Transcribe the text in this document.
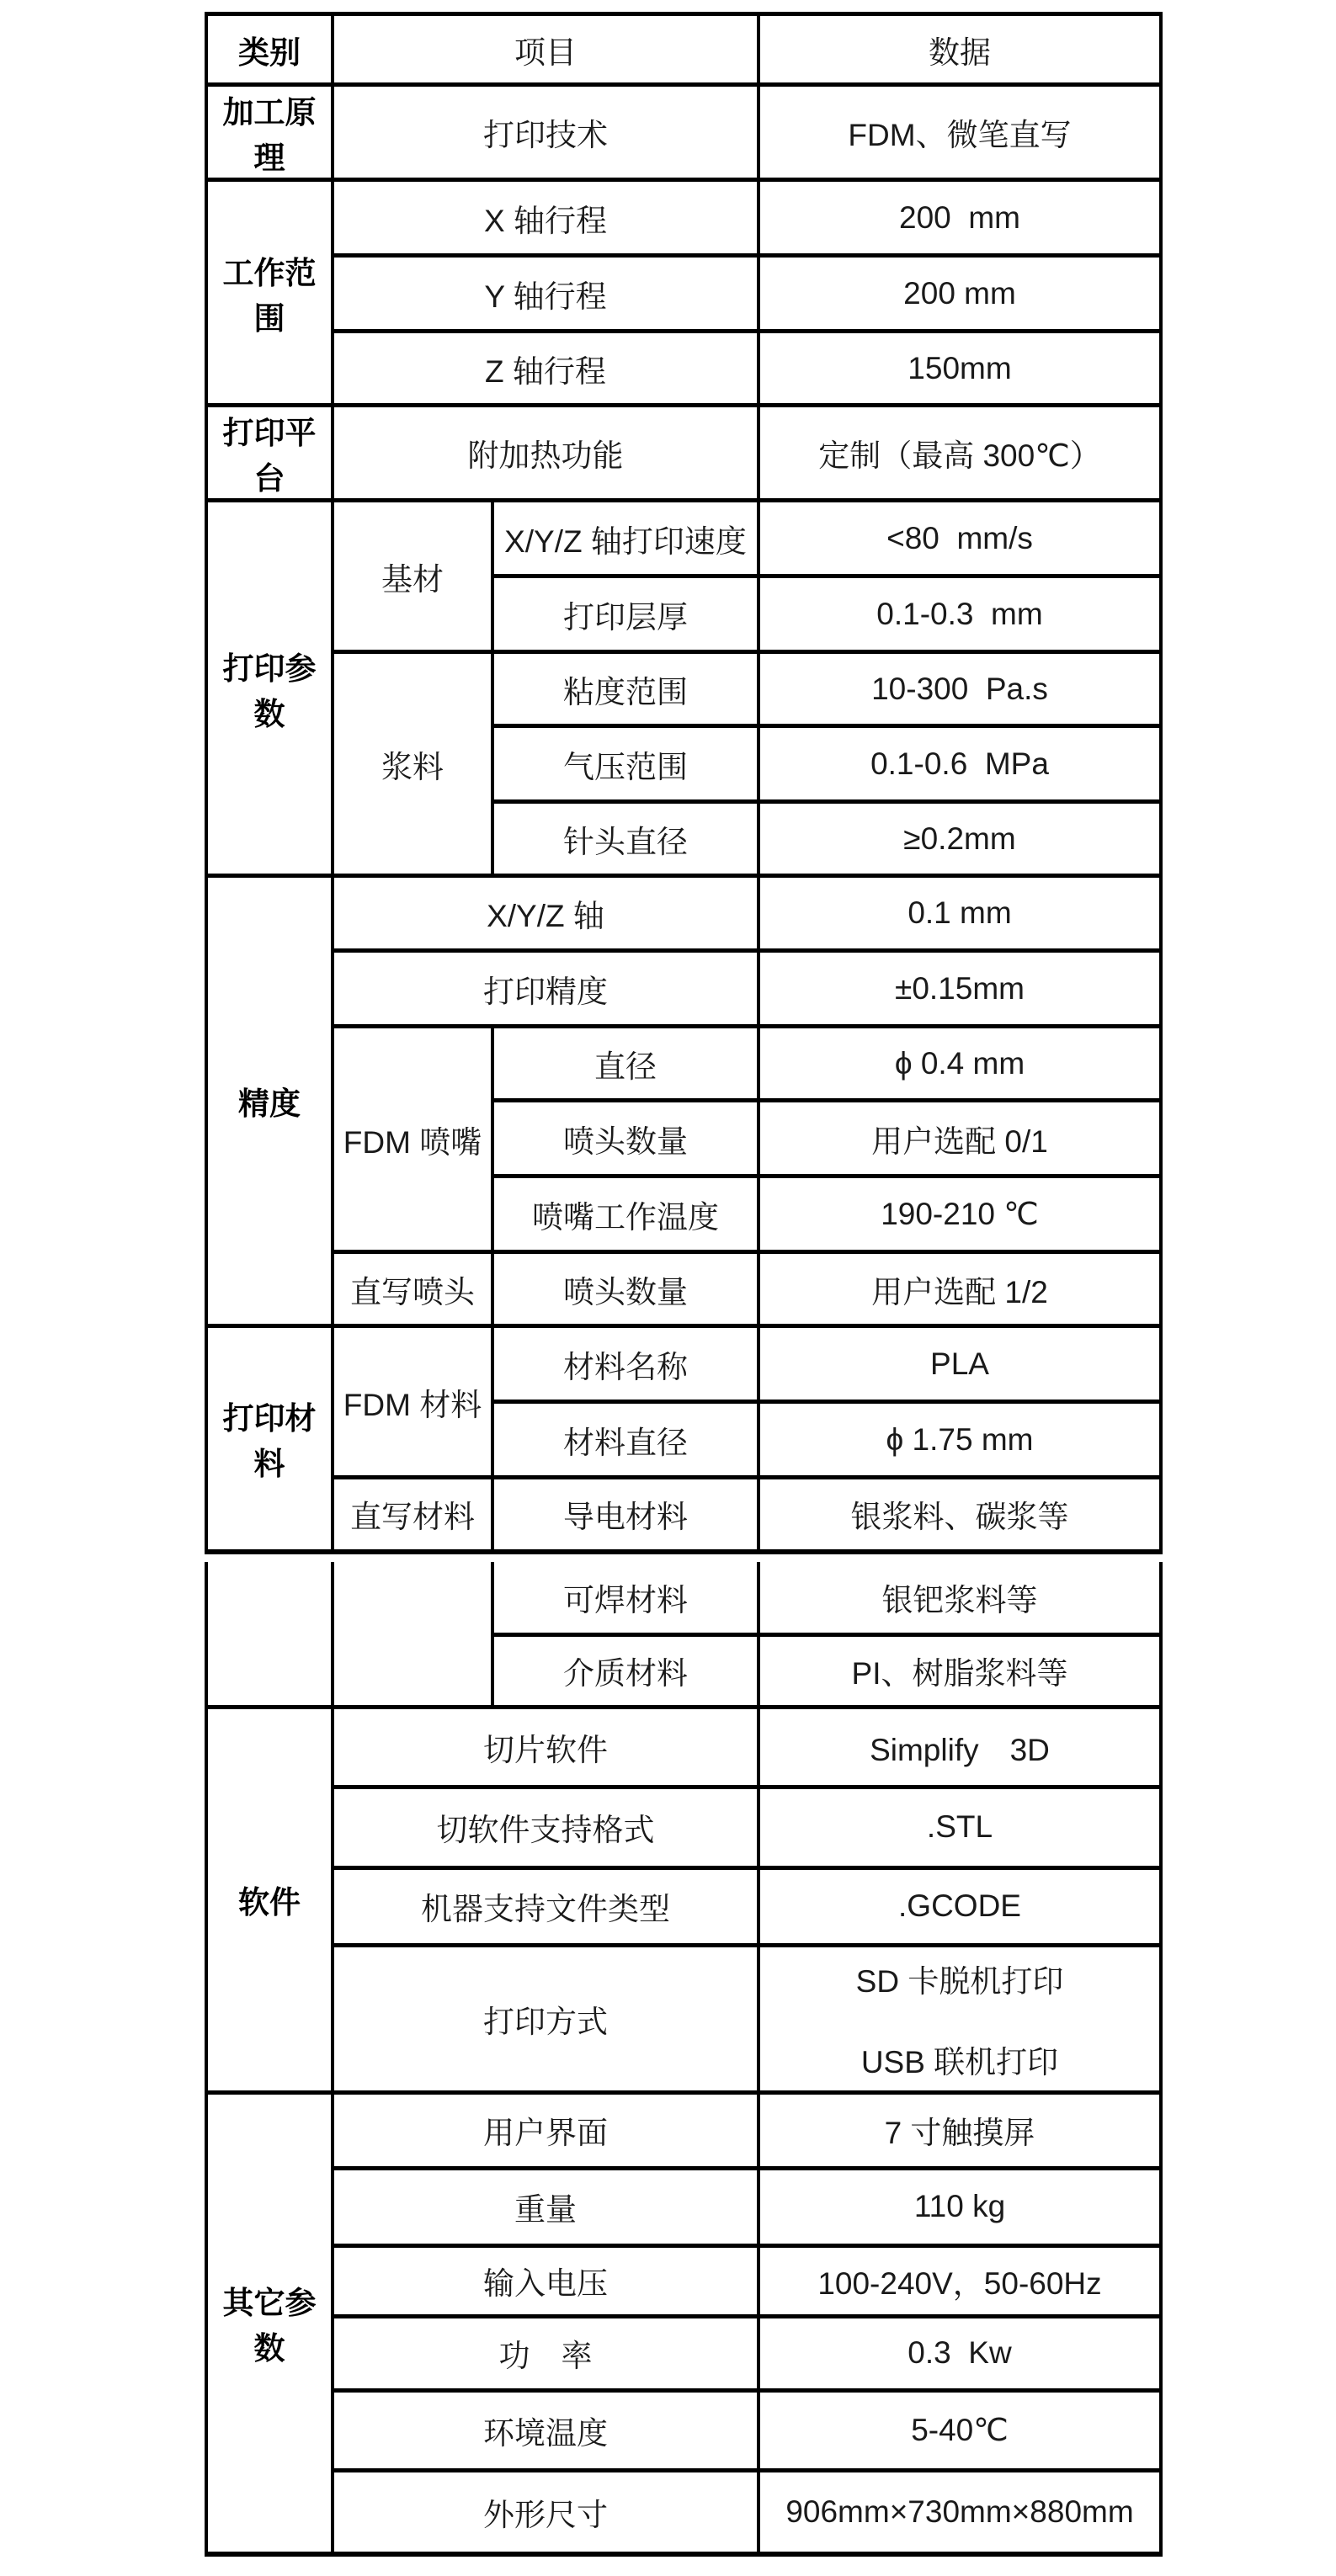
类别	项目		数据
加工原理	打印技术		FDM、微笔直写
工作范围	X 轴行程		200  mm
	Y 轴行程		200 mm
	Z 轴行程		150mm
打印平台	附加热功能		定制（最高 300℃）
打印参数	基材	X/Y/Z 轴打印速度	<80  mm/s
		打印层厚	0.1-0.3  mm
	浆料	粘度范围	10-300  Pa.s
		气压范围	0.1-0.6  MPa
		针头直径	≥0.2mm
精度	X/Y/Z 轴		0.1 mm
	打印精度		±0.15mm
	FDM 喷嘴	直径	ϕ 0.4 mm
		喷头数量	用户选配 0/1
		喷嘴工作温度	190-210 ℃
	直写喷头	喷头数量	用户选配 1/2
打印材料	FDM 材料	材料名称	PLA
		材料直径	ϕ 1.75 mm
	直写材料	导电材料	银浆料、碳浆等
		可焊材料	银钯浆料等
		介质材料	PI、树脂浆料等
软件	切片软件		Simplify　3D
	切软件支持格式		.STL
	机器支持文件类型		.GCODE
	打印方式		SD 卡脱机打印
USB 联机打印

其它参数	用户界面		7 寸触摸屏
	重量		110 kg
	输入电压		100-240V，50-60Hz
	功　率		0.3  Kw
	环境温度		5-40℃
	外形尺寸		906mm×730mm×880mm
